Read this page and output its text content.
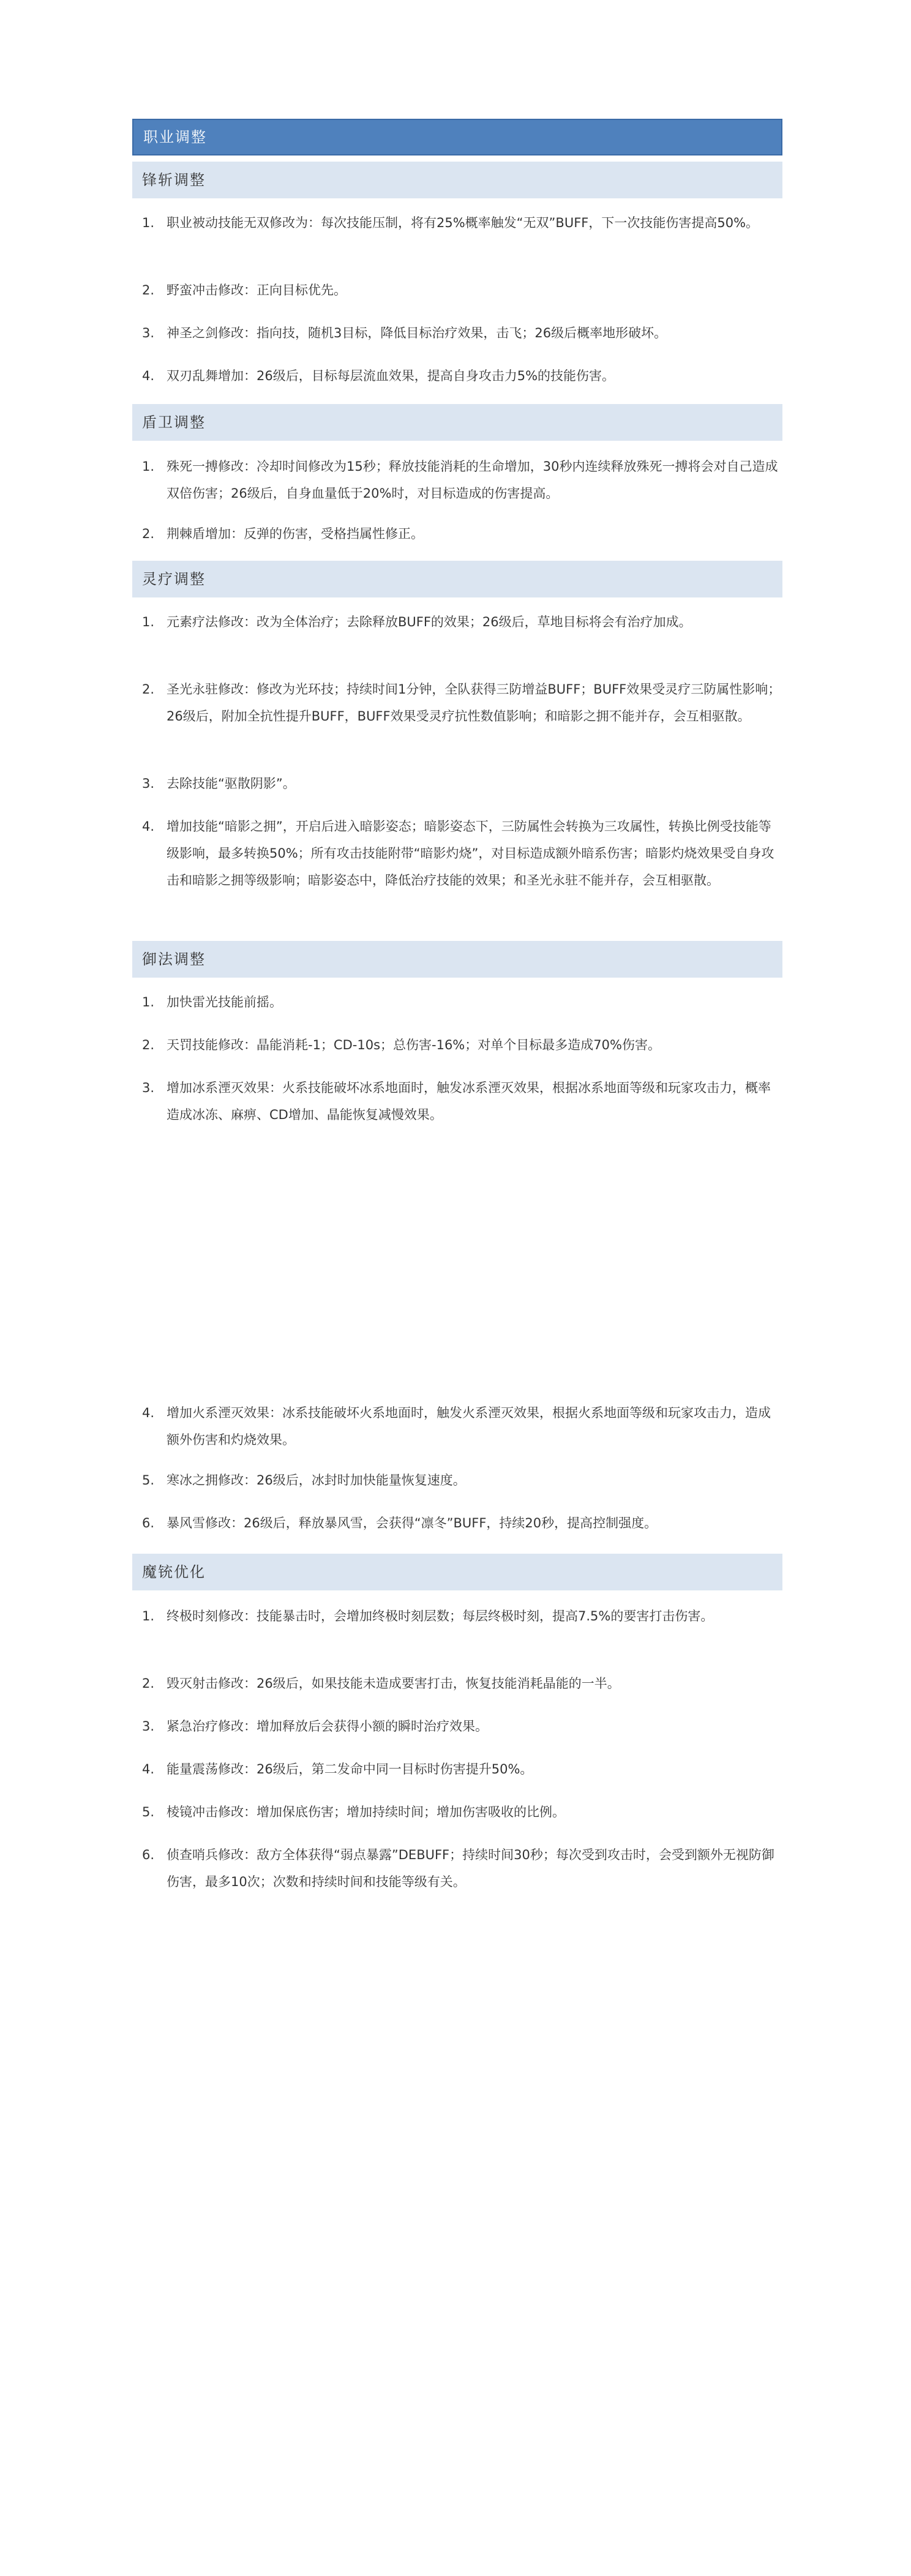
职业调整
锋斩调整
1. 职业被动技能无双修改为：每次技能压制，将有25%概率触发“无双”BUFF，下一次技能伤害提高50%。
2. 野蛮冲击修改：正向目标优先。
3. 神圣之剑修改：指向技，随机3目标，降低目标治疗效果，击飞；26级后概率地形破坏。
4. 双刃乱舞增加：26级后，目标每层流血效果，提高自身攻击力5%的技能伤害。
盾卫调整
1. 殊死一搏修改：冷却时间修改为15秒；释放技能消耗的生命增加，30秒内连续释放殊死一搏将会对自己造成双倍伤害；26级后，自身血量低于20%时，对目标造成的伤害提高。
2. 荆棘盾增加：反弹的伤害，受格挡属性修正。
灵疗调整
1. 元素疗法修改：改为全体治疗；去除释放BUFF的效果；26级后，草地目标将会有治疗加成。
2. 圣光永驻修改：修改为光环技；持续时间1分钟，全队获得三防增益BUFF；BUFF效果受灵疗三防属性影响；26级后，附加全抗性提升BUFF，BUFF效果受灵疗抗性数值影响；和暗影之拥不能并存，会互相驱散。
3. 去除技能“驱散阴影”。
4. 增加技能“暗影之拥”，开启后进入暗影姿态；暗影姿态下，三防属性会转换为三攻属性，转换比例受技能等级影响，最多转换50%；所有攻击技能附带“暗影灼烧”，对目标造成额外暗系伤害；暗影灼烧效果受自身攻击和暗影之拥等级影响；暗影姿态中，降低治疗技能的效果；和圣光永驻不能并存，会互相驱散。
御法调整
1. 加快雷光技能前摇。
2. 天罚技能修改：晶能消耗-1；CD-10s；总伤害-16%；对单个目标最多造成70%伤害。
3. 增加冰系湮灭效果：火系技能破坏冰系地面时，触发冰系湮灭效果，根据冰系地面等级和玩家攻击力，概率造成冰冻、麻痹、CD增加、晶能恢复减慢效果。
4. 增加火系湮灭效果：冰系技能破坏火系地面时，触发火系湮灭效果，根据火系地面等级和玩家攻击力，造成额外伤害和灼烧效果。
5. 寒冰之拥修改：26级后，冰封时加快能量恢复速度。
6. 暴风雪修改：26级后，释放暴风雪，会获得“凛冬”BUFF，持续20秒，提高控制强度。
魔铳优化
1. 终极时刻修改：技能暴击时，会增加终极时刻层数；每层终极时刻，提高7.5%的要害打击伤害。
2. 毁灭射击修改：26级后，如果技能未造成要害打击，恢复技能消耗晶能的一半。
3. 紧急治疗修改：增加释放后会获得小额的瞬时治疗效果。
4. 能量震荡修改：26级后，第二发命中同一目标时伤害提升50%。
5. 棱镜冲击修改：增加保底伤害；增加持续时间；增加伤害吸收的比例。
6. 侦查哨兵修改：敌方全体获得“弱点暴露”DEBUFF；持续时间30秒；每次受到攻击时，会受到额外无视防御伤害，最多10次；次数和持续时间和技能等级有关。
